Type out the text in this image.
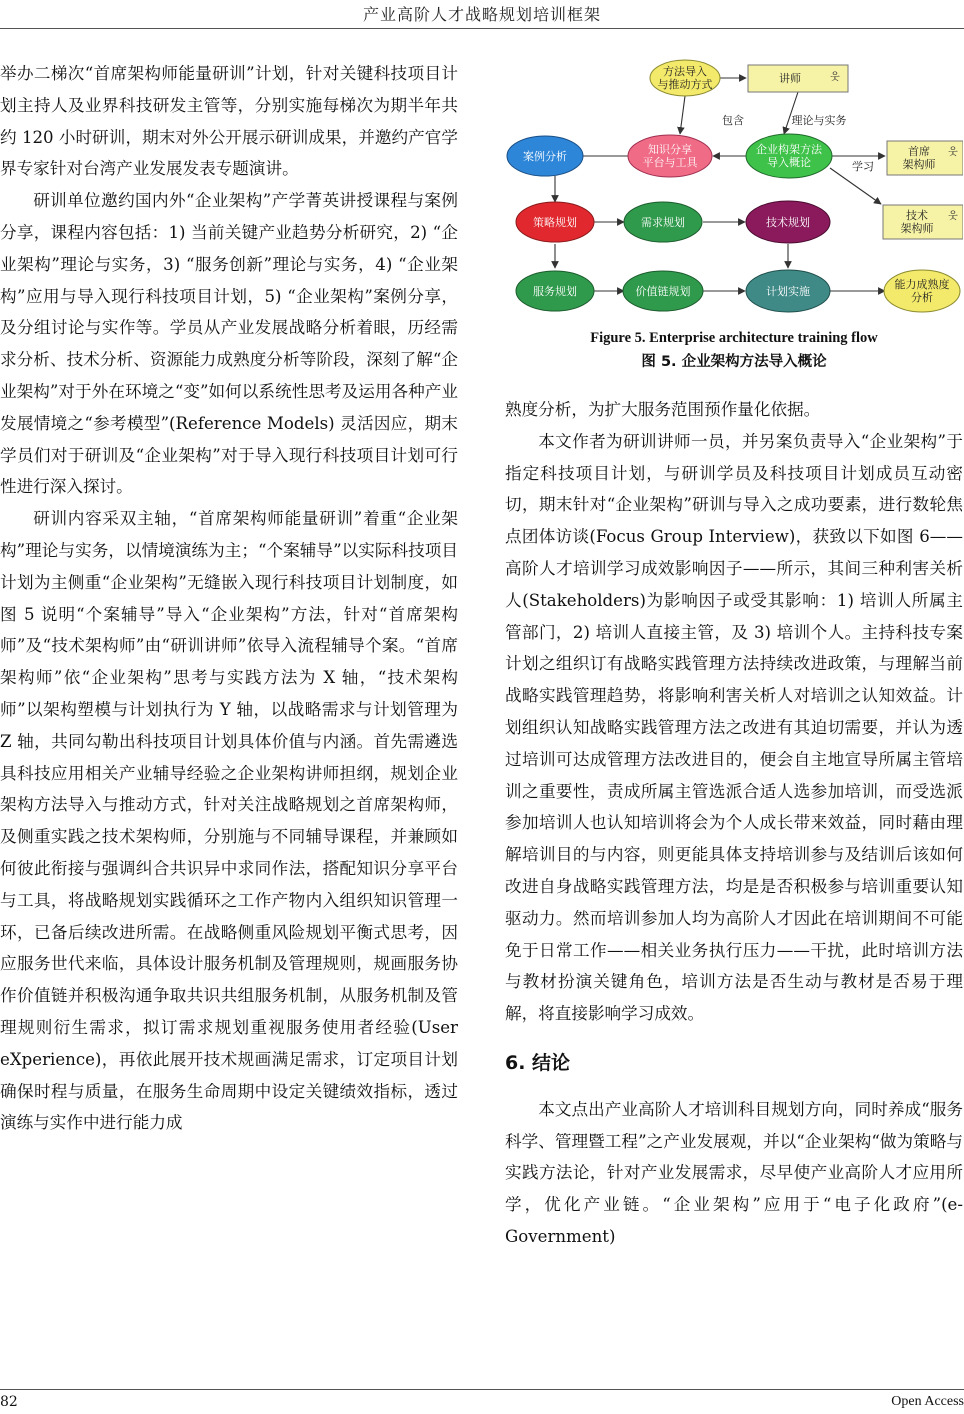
产业高阶人才战略规划培训框架

举办二梯次“首席架构师能量研训”计划，针对关键科技项目计划主持人及业界科技研发主管等，分别实施每梯次为期半年共约 120 小时研训，期末对外公开展示研训成果，并邀约产官学界专家针对台湾产业发展发表专题演讲。

研训单位邀约国内外“企业架构”产学菁英讲授课程与案例分享，课程内容包括：1) 当前关键产业趋势分析研究，2) “企业架构”理论与实务，3) “服务创新”理论与实务，4) “企业架构”应用与导入现行科技项目计划，5) “企业架构”案例分享，及分组讨论与实作等。学员从产业发展战略分析着眼，历经需求分析、技术分析、资源能力成熟度分析等阶段，深刻了解“企业架构”对于外在环境之“变”如何以系统性思考及运用各种产业发展情境之“参考模型”(Reference Models) 灵活因应，期末学员们对于研训及“企业架构”对于导入现行科技项目计划可行性进行深入探讨。

研训内容采双主轴，“首席架构师能量研训”着重“企业架构”理论与实务，以情境演练为主；“个案辅导”以实际科技项目计划为主侧重“企业架构”无缝嵌入现行科技项目计划制度，如图 5 说明“个案辅导”导入“企业架构”方法，针对“首席架构师”及“技术架构师”由“研训讲师”依导入流程辅导个案。“首席架构师”依“企业架构”思考与实践方法为 X 轴，“技术架构师”以架构塑模与计划执行为 Y 轴，以战略需求与计划管理为 Z 轴，共同勾勒出科技项目计划具体价值与内涵。首先需遴选具科技应用相关产业辅导经验之企业架构讲师担纲，规划企业架构方法导入与推动方式，针对关注战略规划之首席架构师，及侧重实践之技术架构师，分别施与不同辅导课程，并兼顾如何彼此衔接与强调纠合共识异中求同作法，搭配知识分享平台与工具，将战略规划实践循环之工作产物内入组织知识管理一环，已备后续改进所需。在战略侧重风险规划平衡式思考，因应服务世代来临，具体设计服务机制及管理规则，规画服务协作价值链并积极沟通争取共识共组服务机制，从服务机制及管理规则衍生需求，拟订需求规划重视服务使用者经验(User eXperience)，再依此展开技术规画满足需求，订定项目计划确保时程与质量，在服务生命周期中设定关键绩效指标，透过演练与实作中进行能力成

包含	理论与实务
学习
方法导入与推动方式
知识分享平台与工具
企业构架方法导入概论
案例分析
策略规划	需求规划	技术规划
服务规划	价值链规划	计划实施
能力成熟度分析
讲师	웃
首席架构师
웃
技术架构师
웃
Figure 5. Enterprise architecture training flow
图 5. 企业架构方法导入概论

熟度分析，为扩大服务范围预作量化依据。

本文作者为研训讲师一员，并另案负责导入“企业架构”于指定科技项目计划，与研训学员及科技项目计划成员互动密切，期末针对“企业架构”研训与导入之成功要素，进行数轮焦点团体访谈(Focus Group Interview)，获致以下如图 6——高阶人才培训学习成效影响因子——所示，其间三种利害关析人(Stakeholders)为影响因子或受其影响：1) 培训人所属主管部门，2) 培训人直接主管，及 3) 培训个人。主持科技专案计划之组织订有战略实践管理方法持续改进政策，与理解当前战略实践管理趋势，将影响利害关析人对培训之认知效益。计划组织认知战略实践管理方法之改进有其迫切需要，并认为透过培训可达成管理方法改进目的，便会自主地宣导所属主管培训之重要性，责成所属主管选派合适人选参加培训，而受选派参加培训人也认知培训将会为个人成长带来效益，同时藉由理解培训目的与内容，则更能具体支持培训参与及结训后该如何改进自身战略实践管理方法，均是是否积极参与培训重要认知驱动力。然而培训参加人均为高阶人才因此在培训期间不可能免于日常工作——相关业务执行压力——干扰，此时培训方法与教材扮演关键角色，培训方法是否生动与教材是否易于理解，将直接影响学习成效。

6. 结论

本文点出产业高阶人才培训科目规划方向，同时养成“服务科学、管理暨工程”之产业发展观，并以“企业架构“做为策略与实践方法论，针对产业发展需求，尽早使产业高阶人才应用所学，优化产业链。“企业架构”应用于“电子化政府”(e-Government)

82	Open Access
